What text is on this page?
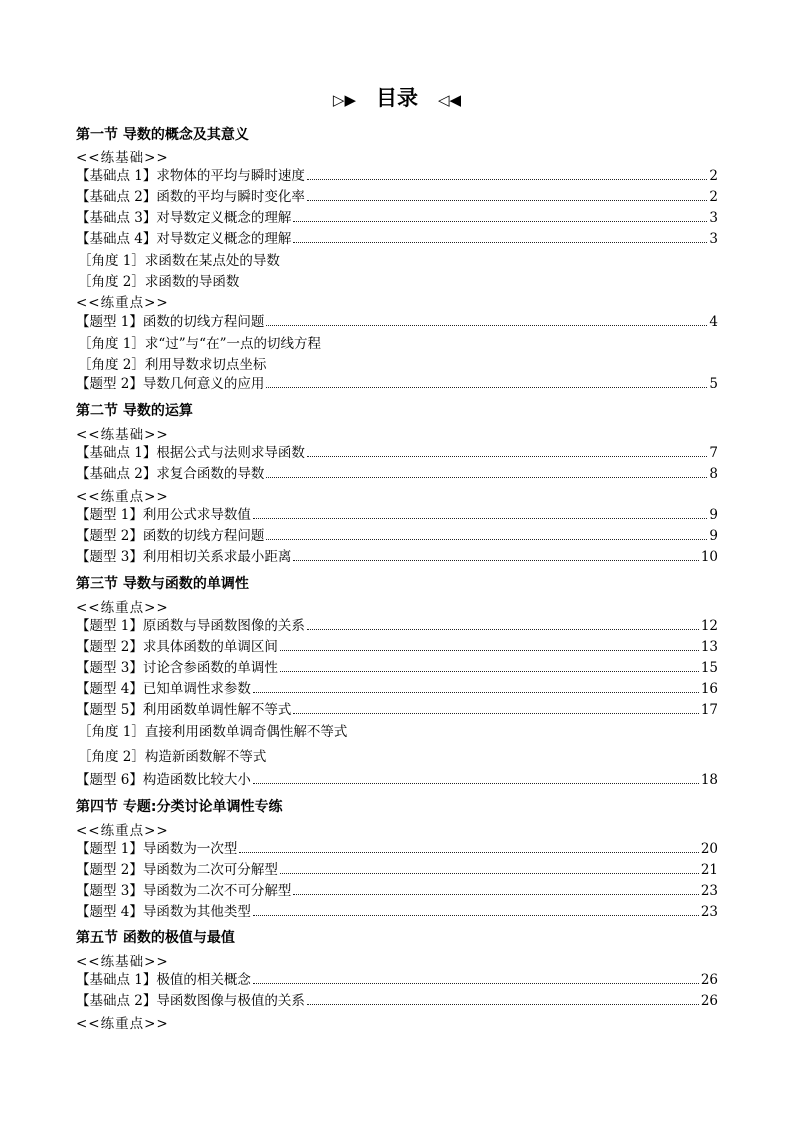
▷▶ 目录 ◁◀
第一节 导数的概念及其意义
<<练基础>>
【基础点 1】求物体的平均与瞬时速度	2
【基础点 2】函数的平均与瞬时变化率	2
【基础点 3】对导数定义概念的理解	3
【基础点 4】对导数定义概念的理解	3
［角度 1］求函数在某点处的导数
［角度 2］求函数的导函数
<<练重点>>
【题型 1】函数的切线方程问题	4
［角度 1］求“过”与“在”一点的切线方程
［角度 2］利用导数求切点坐标
【题型 2】导数几何意义的应用	5
第二节 导数的运算
<<练基础>>
【基础点 1】根据公式与法则求导函数	7
【基础点 2】求复合函数的导数	8
<<练重点>>
【题型 1】利用公式求导数值	9
【题型 2】函数的切线方程问题	9
【题型 3】利用相切关系求最小距离	10
第三节 导数与函数的单调性
<<练重点>>
【题型 1】原函数与导函数图像的关系	12
【题型 2】求具体函数的单调区间	13
【题型 3】讨论含参函数的单调性	15
【题型 4】已知单调性求参数	16
【题型 5】利用函数单调性解不等式	17
［角度 1］直接利用函数单调奇偶性解不等式
［角度 2］构造新函数解不等式
【题型 6】构造函数比较大小	18
第四节 专题:分类讨论单调性专练
<<练重点>>
【题型 1】导函数为一次型	20
【题型 2】导函数为二次可分解型	21
【题型 3】导函数为二次不可分解型	23
【题型 4】导函数为其他类型	23
第五节 函数的极值与最值
<<练基础>>
【基础点 1】极值的相关概念	26
【基础点 2】导函数图像与极值的关系	26
<<练重点>>
